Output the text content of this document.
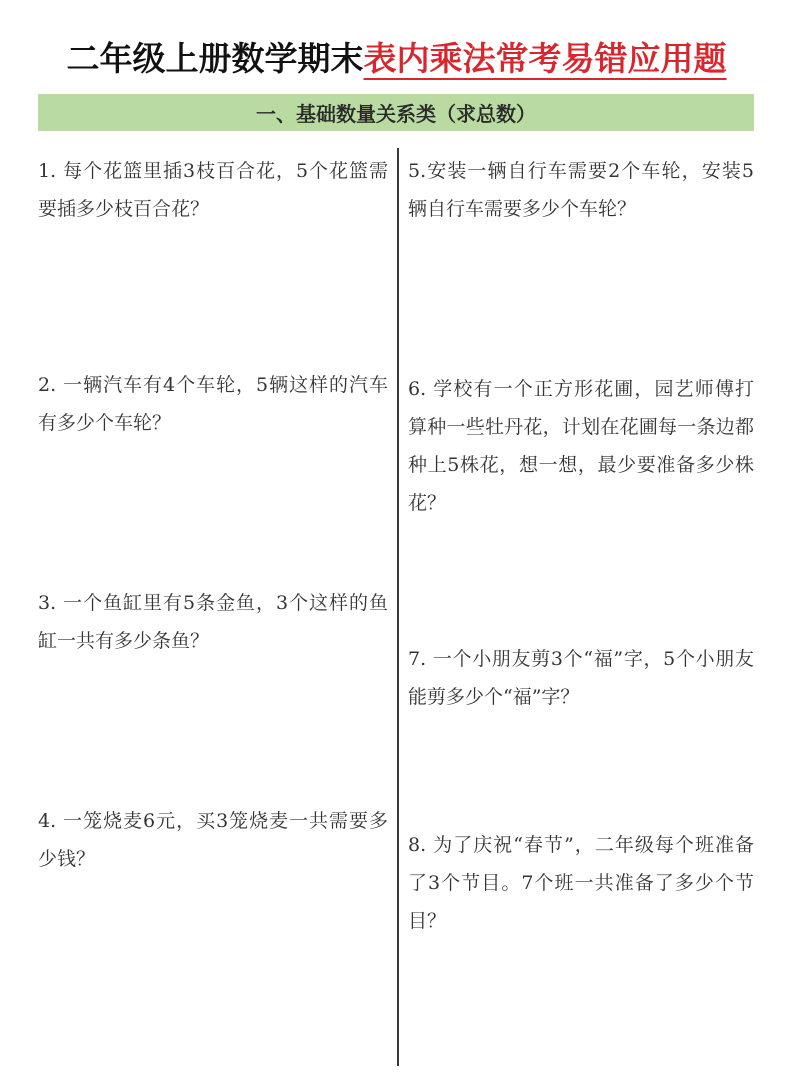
二年级上册数学期末表内乘法常考易错应用题
一、基础数量关系类（求总数）
1. 每个花篮里插3枝百合花，5个花篮需要插多少枝百合花？
2. 一辆汽车有4个车轮，5辆这样的汽车有多少个车轮？
3. 一个鱼缸里有5条金鱼，3个这样的鱼缸一共有多少条鱼？
4. 一笼烧麦6元，买3笼烧麦一共需要多少钱？
5.安装一辆自行车需要2个车轮，安装5辆自行车需要多少个车轮？
6. 学校有一个正方形花圃，园艺师傅打算种一些牡丹花，计划在花圃每一条边都种上5株花，想一想，最少要准备多少株花？
7. 一个小朋友剪3个“福”字，5个小朋友能剪多少个“福”字？
8. 为了庆祝“春节”，二年级每个班准备了3个节目。7个班一共准备了多少个节目？
